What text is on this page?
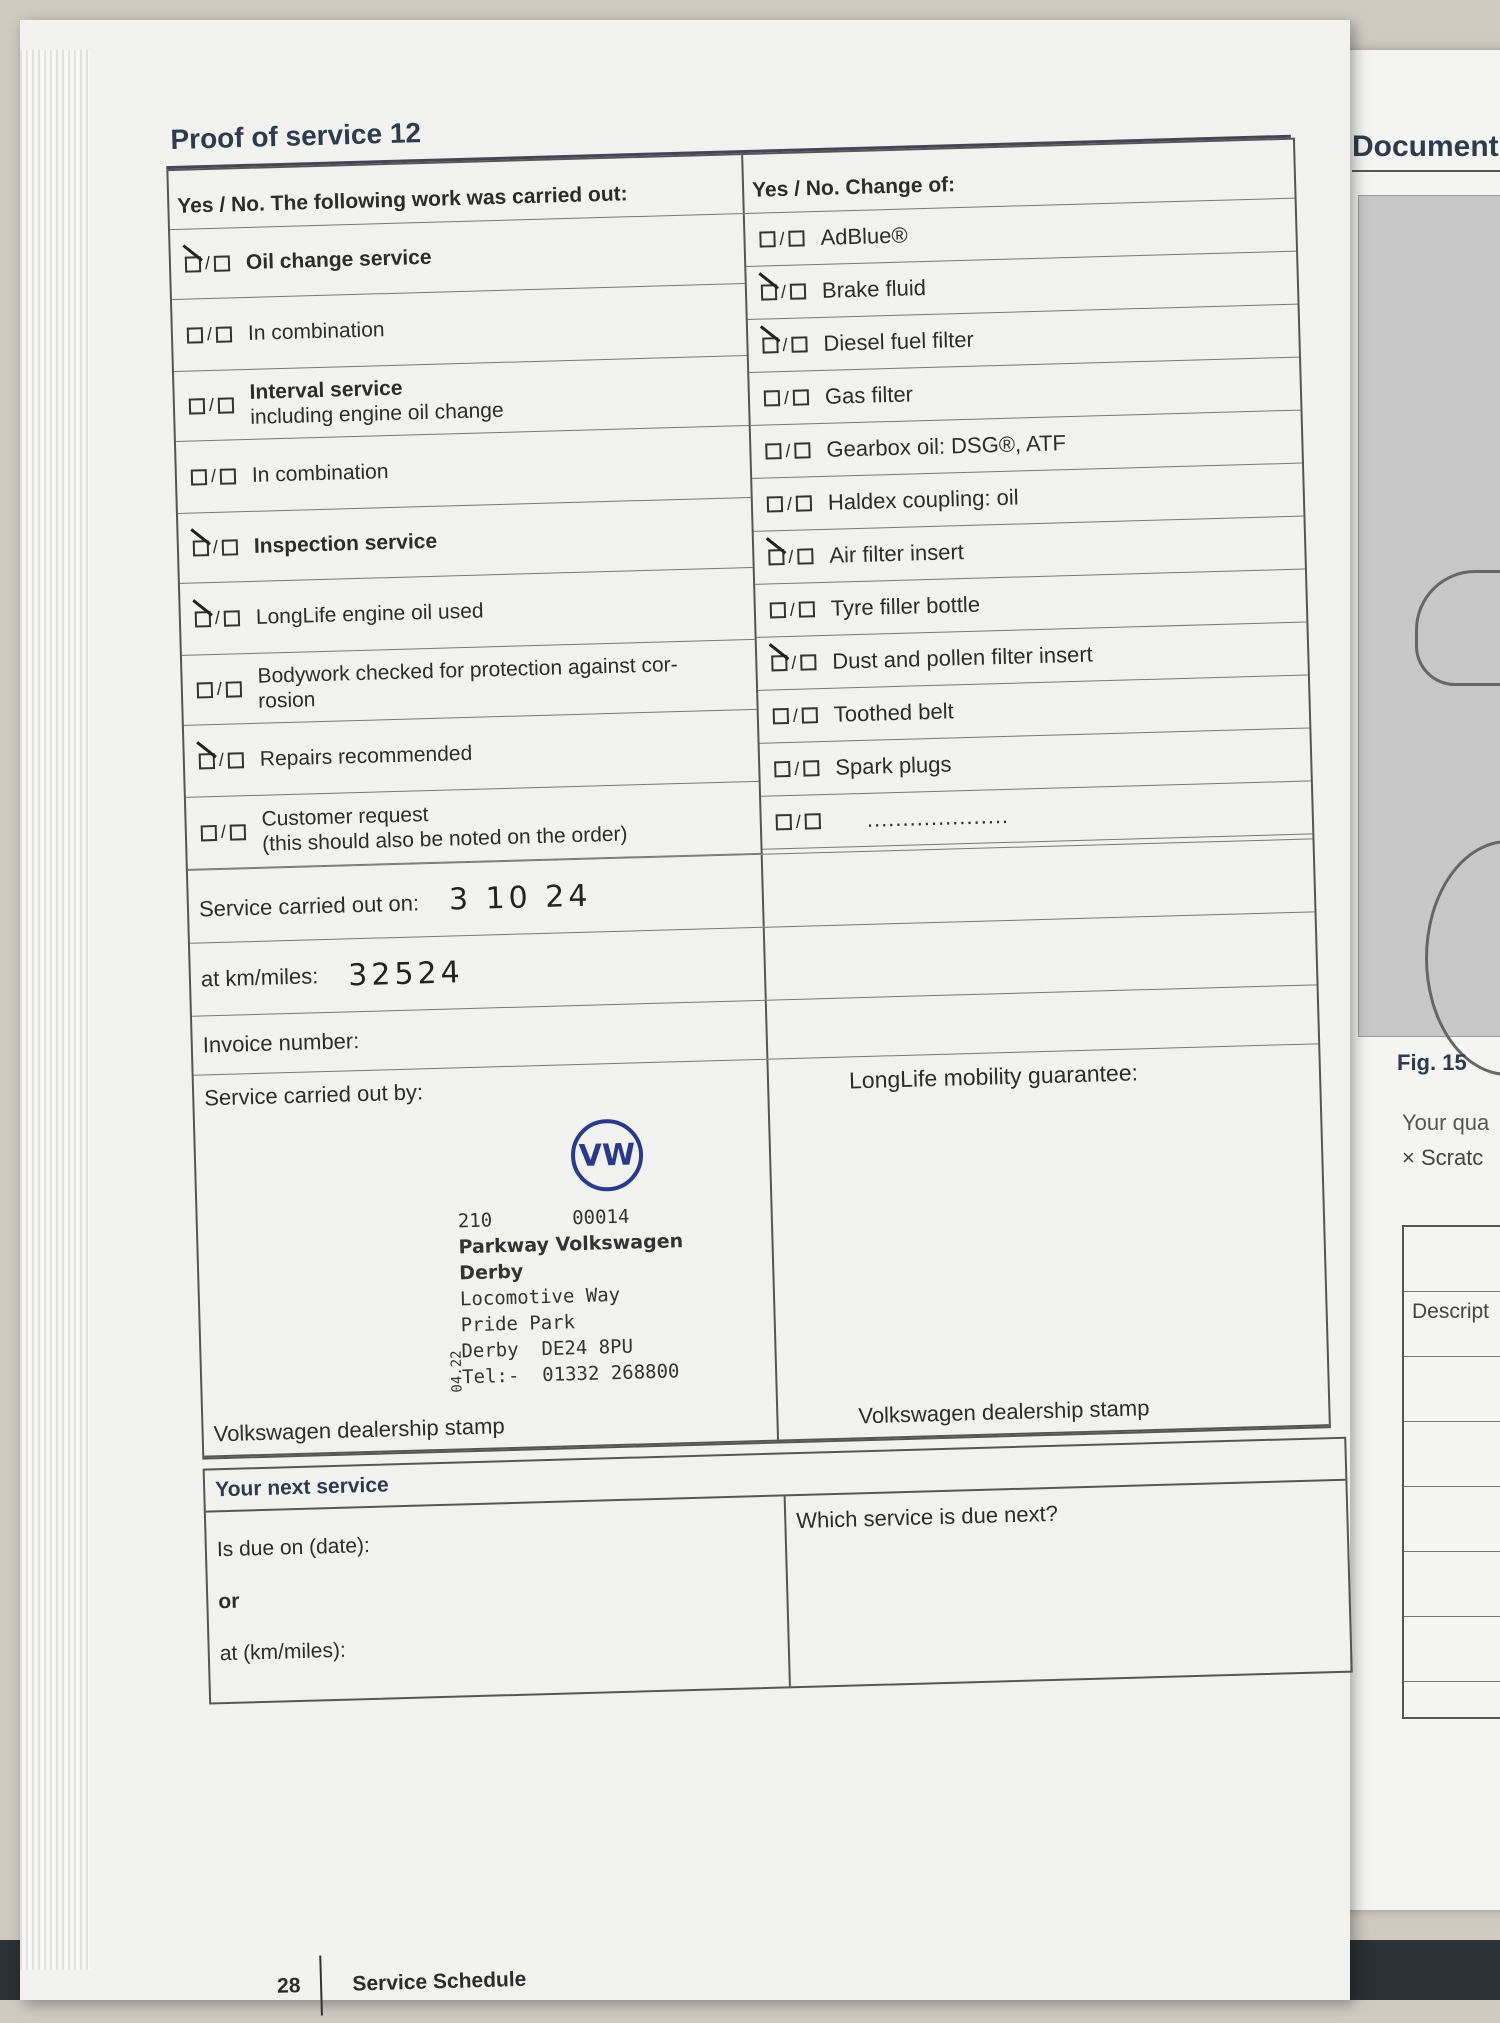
Document
Fig. 15
Your qua
× Scratc
Descript
Proof of service 12
Yes / No. The following work was carried out:	Yes / No. Change of:
/ Oil change service
/ In combination
/
Interval service
including engine oil change
/ In combination
/ Inspection service
/ LongLife engine oil used
/
Bodywork checked for protection against cor-
rosion
/ Repairs recommended
/
Customer request
(this should also be noted on the order)
/ AdBlue®
/ Brake fluid
/ Diesel fuel filter
/ Gas filter
/ Gearbox oil: DSG®, ATF
/ Haldex coupling: oil
/ Air filter insert
/ Tyre filler bottle
/ Dust and pollen filter insert
/ Toothed belt
/ Spark plugs
/	....................
Service carried out on: 3 10 24
at km/miles: 32524
Invoice number:
Service carried out by:
VW
210       00014
Parkway Volkswagen
Derby
Locomotive Way
Pride Park
Derby  DE24 8PU
Tel:-  01332 268800
04.22
Volkswagen dealership stamp
LongLife mobility guarantee:
Volkswagen dealership stamp
Your next service
Is due on (date):
or
at (km/miles):
Which service is due next?
28 Service Schedule
